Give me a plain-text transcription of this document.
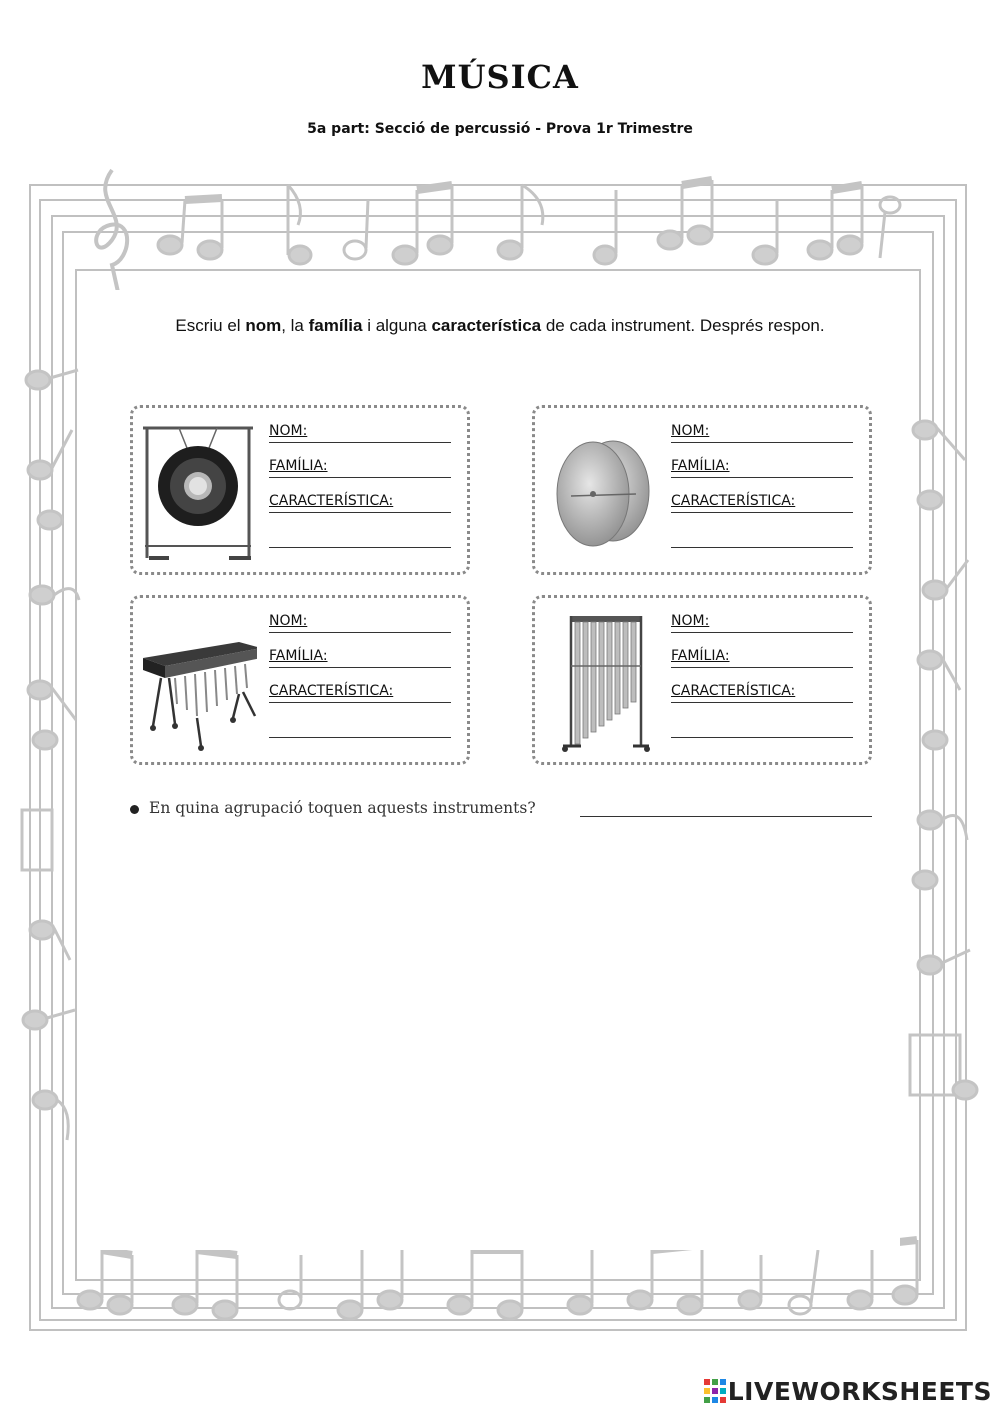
MÚSICA
5a part: Secció de percussió - Prova 1r Trimestre
Escriu el nom, la família i alguna característica de cada instrument. Després respon.
NOM:
FAMÍLIA:
CARACTERÍSTICA:
NOM:
FAMÍLIA:
CARACTERÍSTICA:
NOM:
FAMÍLIA:
CARACTERÍSTICA:
NOM:
FAMÍLIA:
CARACTERÍSTICA:
En quina agrupació toquen aquests instruments?
LIVEWORKSHEETS
